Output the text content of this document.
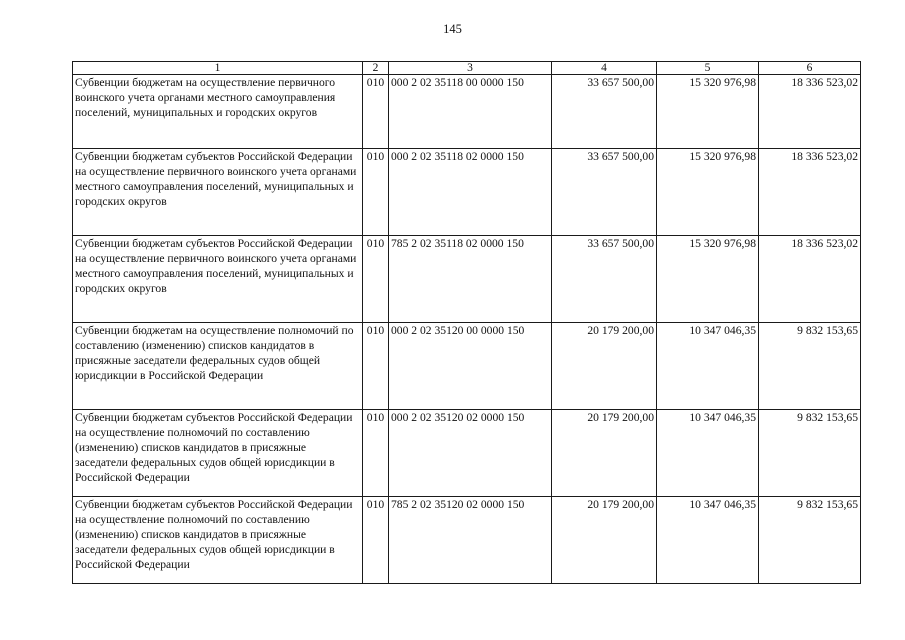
145
1	2	3	4	5	6
Субвенции бюджетам на осуществление первичного воинского учета органами местного самоуправления поселений, муниципальных и городских округов	010	000 2 02 35118 00 0000 150	33 657 500,00	15 320 976,98	18 336 523,02
Субвенции бюджетам субъектов Российской Федерации на осуществление первичного воинского учета органами местного самоуправления поселений, муниципальных и городских округов	010	000 2 02 35118 02 0000 150	33 657 500,00	15 320 976,98	18 336 523,02
Субвенции бюджетам субъектов Российской Федерации на осуществление первичного воинского учета органами местного самоуправления поселений, муниципальных и городских округов	010	785 2 02 35118 02 0000 150	33 657 500,00	15 320 976,98	18 336 523,02
Субвенции бюджетам на осуществление полномочий по составлению (изменению) списков кандидатов в присяжные заседатели федеральных судов общей юрисдикции в Российской Федерации	010	000 2 02 35120 00 0000 150	20 179 200,00	10 347 046,35	9 832 153,65
Субвенции бюджетам субъектов Российской Федерации на осуществление полномочий по составлению (изменению) списков кандидатов в присяжные заседатели федеральных судов общей юрисдикции в Российской Федерации	010	000 2 02 35120 02 0000 150	20 179 200,00	10 347 046,35	9 832 153,65
Субвенции бюджетам субъектов Российской Федерации на осуществление полномочий по составлению (изменению) списков кандидатов в присяжные заседатели федеральных судов общей юрисдикции в Российской Федерации	010	785 2 02 35120 02 0000 150	20 179 200,00	10 347 046,35	9 832 153,65
